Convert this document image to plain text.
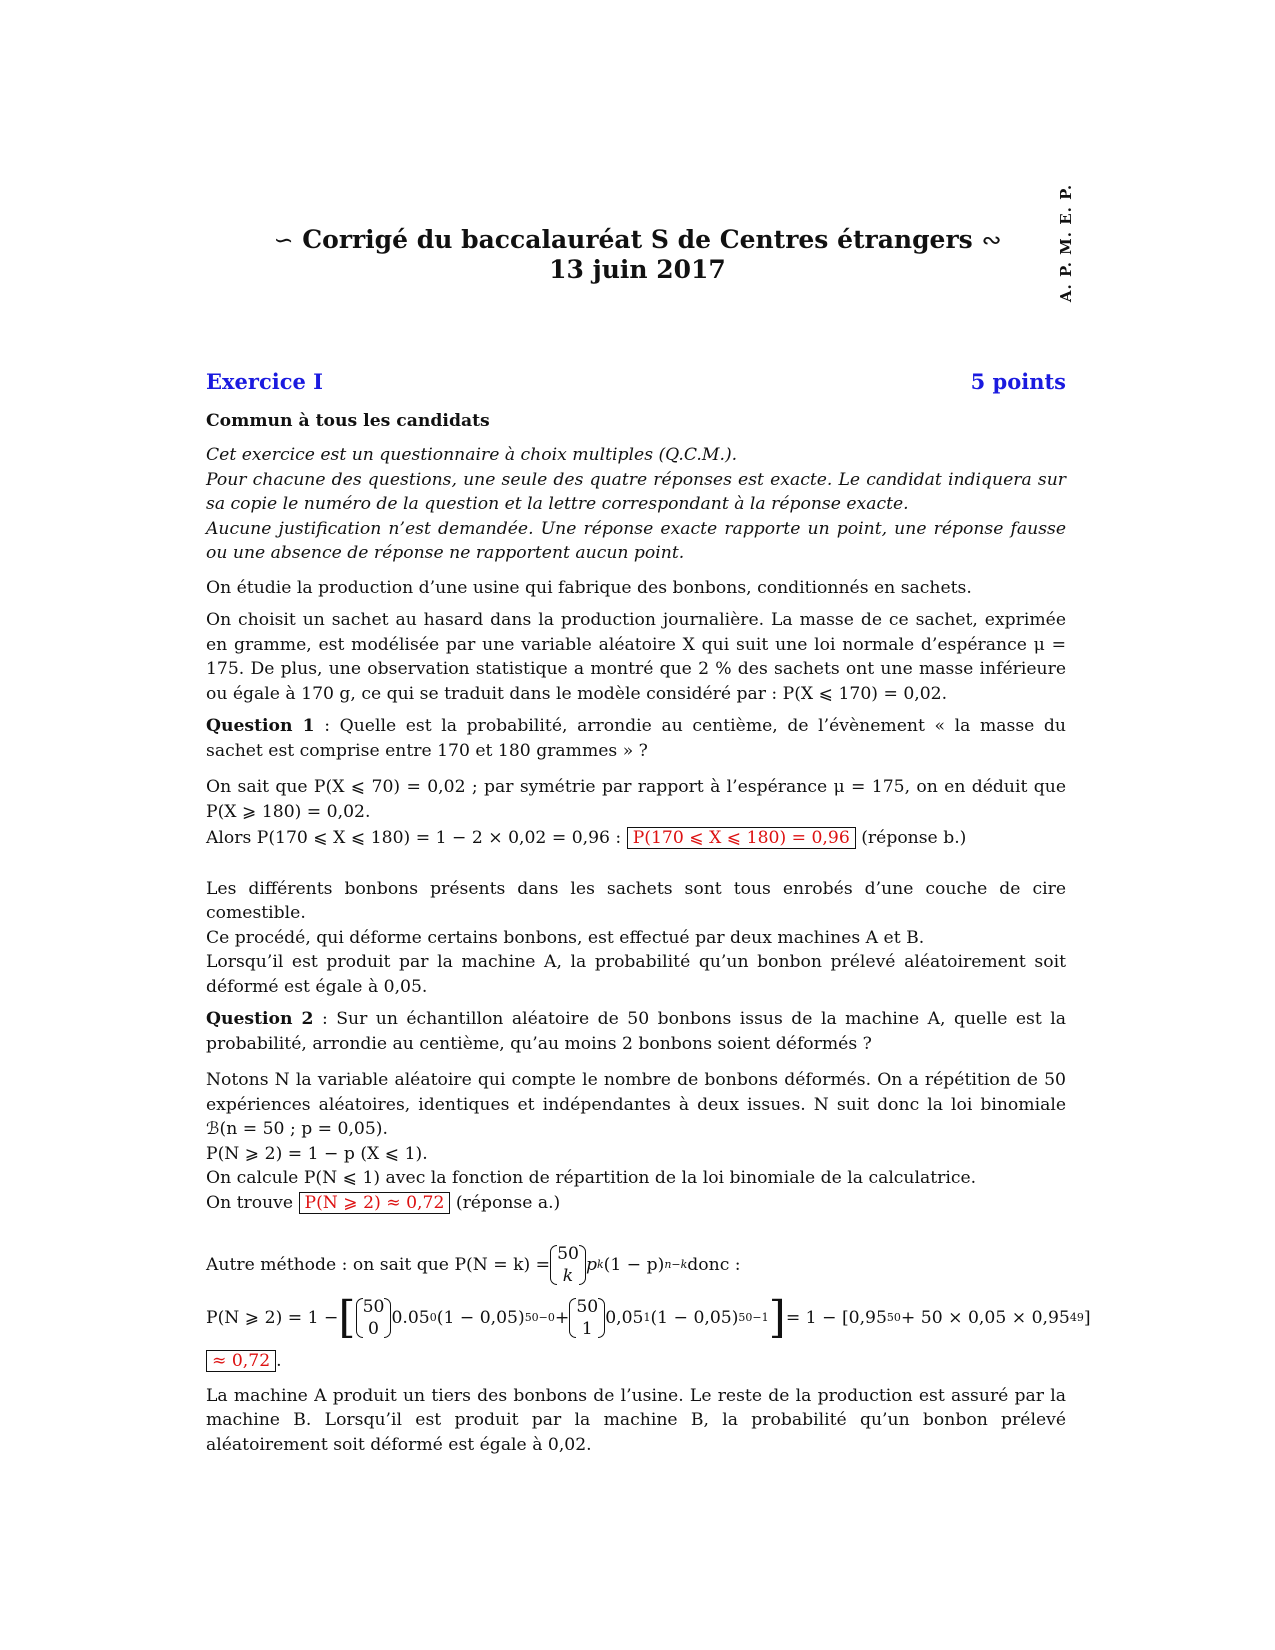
A. P. M. E. P.
∽ Corrigé du baccalauréat S de Centres étrangers ∾
13 juin 2017
Exercice I	5 points
Commun à tous les candidats

Cet exercice est un questionnaire à choix multiples (Q.C.M.).

Pour chacune des questions, une seule des quatre réponses est exacte. Le candidat indiquera sur sa copie le numéro de la question et la lettre correspondant à la réponse exacte.

Aucune justification n’est demandée. Une réponse exacte rapporte un point, une réponse fausse ou une absence de réponse ne rapportent aucun point.

On étudie la production d’une usine qui fabrique des bonbons, conditionnés en sachets.

On choisit un sachet au hasard dans la production journalière. La masse de ce sachet, exprimée en gramme, est modélisée par une variable aléatoire X qui suit une loi normale d’espérance μ = 175. De plus, une observation statistique a montré que 2 % des sachets ont une masse inférieure ou égale à 170 g, ce qui se traduit dans le modèle considéré par : P(X ⩽ 170) = 0,02.

Question 1 : Quelle est la probabilité, arrondie au centième, de l’évènement « la masse du sachet est comprise entre 170 et 180 grammes » ?

On sait que P(X ⩽ 70) = 0,02 ; par symétrie par rapport à l’espérance μ = 175, on en déduit que P(X ⩾ 180) = 0,02.

Alors P(170 ⩽ X ⩽ 180) = 1 − 2 × 0,02 = 0,96 : P(170 ⩽ X ⩽ 180) = 0,96 (réponse b.)

Les différents bonbons présents dans les sachets sont tous enrobés d’une couche de cire comestible.

Ce procédé, qui déforme certains bonbons, est effectué par deux machines A et B.

Lorsqu’il est produit par la machine A, la probabilité qu’un bonbon prélevé aléatoirement soit déformé est égale à 0,05.

Question 2 : Sur un échantillon aléatoire de 50 bonbons issus de la machine A, quelle est la probabilité, arrondie au centième, qu’au moins 2 bonbons soient déformés ?

Notons N la variable aléatoire qui compte le nombre de bonbons déformés. On a répétition de 50 expériences aléatoires, identiques et indépendantes à deux issues. N suit donc la loi binomiale ℬ(n = 50 ; p = 0,05).

P(N ⩾ 2) = 1 − p (X ⩽ 1).

On calcule P(N ⩽ 1) avec la fonction de répartition de la loi binomiale de la calculatrice.

On trouve P(N ⩾ 2) ≈ 0,72 (réponse a.)

Autre méthode : on sait que P(N = k) =
50
k
p k (1 − p) n−k donc :
P(N ⩾ 2) = 1 − [ 50
0
0.05 0 (1 − 0,05) 50−0 +
50
1
0,05 1 (1 − 0,05) 50−1 ] = 1 − [0,95 50 + 50 × 0,05 × 0,95 49 ]

≈ 0,72 .

La machine A produit un tiers des bonbons de l’usine. Le reste de la production est assuré par la machine B. Lorsqu’il est produit par la machine B, la probabilité qu’un bonbon prélevé aléatoirement soit déformé est égale à 0,02.
